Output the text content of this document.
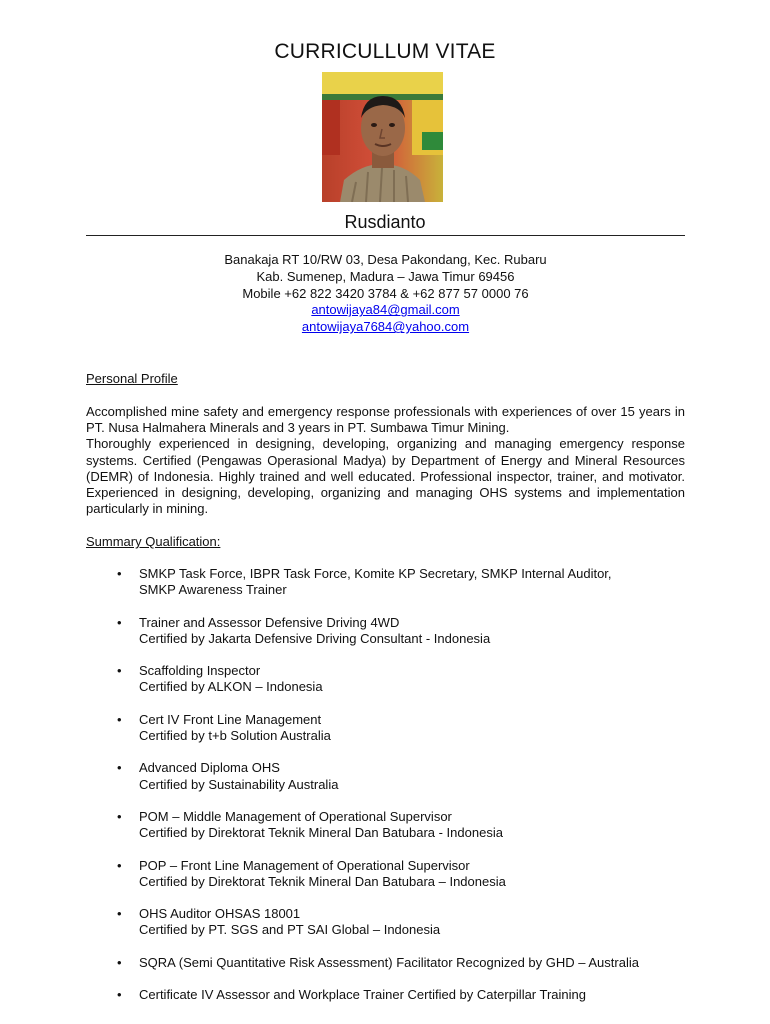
CURRICULLUM VITAE
Rusdianto
Banakaja RT 10/RW 03, Desa Pakondang, Kec. Rubaru
Kab. Sumenep, Madura – Jawa Timur 69456
Mobile +62 822 3420 3784 & +62 877 57 0000 76
antowijaya84@gmail.com
antowijaya7684@yahoo.com
Personal Profile

Accomplished mine safety and emergency response professionals with experiences of over 15 years in PT. Nusa Halmahera Minerals and 3 years in PT. Sumbawa Timur Mining.

Thoroughly experienced in designing, developing, organizing and managing emergency response systems. Certified (Pengawas Operasional Madya) by Department of Energy and Mineral Resources (DEMR) of Indonesia. Highly trained and well educated. Professional inspector, trainer, and motivator. Experienced in designing, developing, organizing and managing OHS systems and implementation particularly in mining.

Summary Qualification:
• SMKP Task Force, IBPR Task Force, Komite KP Secretary, SMKP Internal Auditor,
SMKP Awareness Trainer
• Trainer and Assessor Defensive Driving 4WD
Certified by Jakarta Defensive Driving Consultant - Indonesia
• Scaffolding Inspector
Certified by ALKON – Indonesia
• Cert IV Front Line Management
Certified by t+b Solution Australia
• Advanced Diploma OHS
Certified by Sustainability Australia
• POM – Middle Management of Operational Supervisor
Certified by Direktorat Teknik Mineral Dan Batubara - Indonesia
• POP – Front Line Management of Operational Supervisor
Certified by Direktorat Teknik Mineral Dan Batubara – Indonesia
• OHS Auditor OHSAS 18001
Certified by PT. SGS and PT SAI Global – Indonesia
• SQRA (Semi Quantitative Risk Assessment) Facilitator Recognized by GHD – Australia
• Certificate IV Assessor and Workplace Trainer Certified by Caterpillar Training
